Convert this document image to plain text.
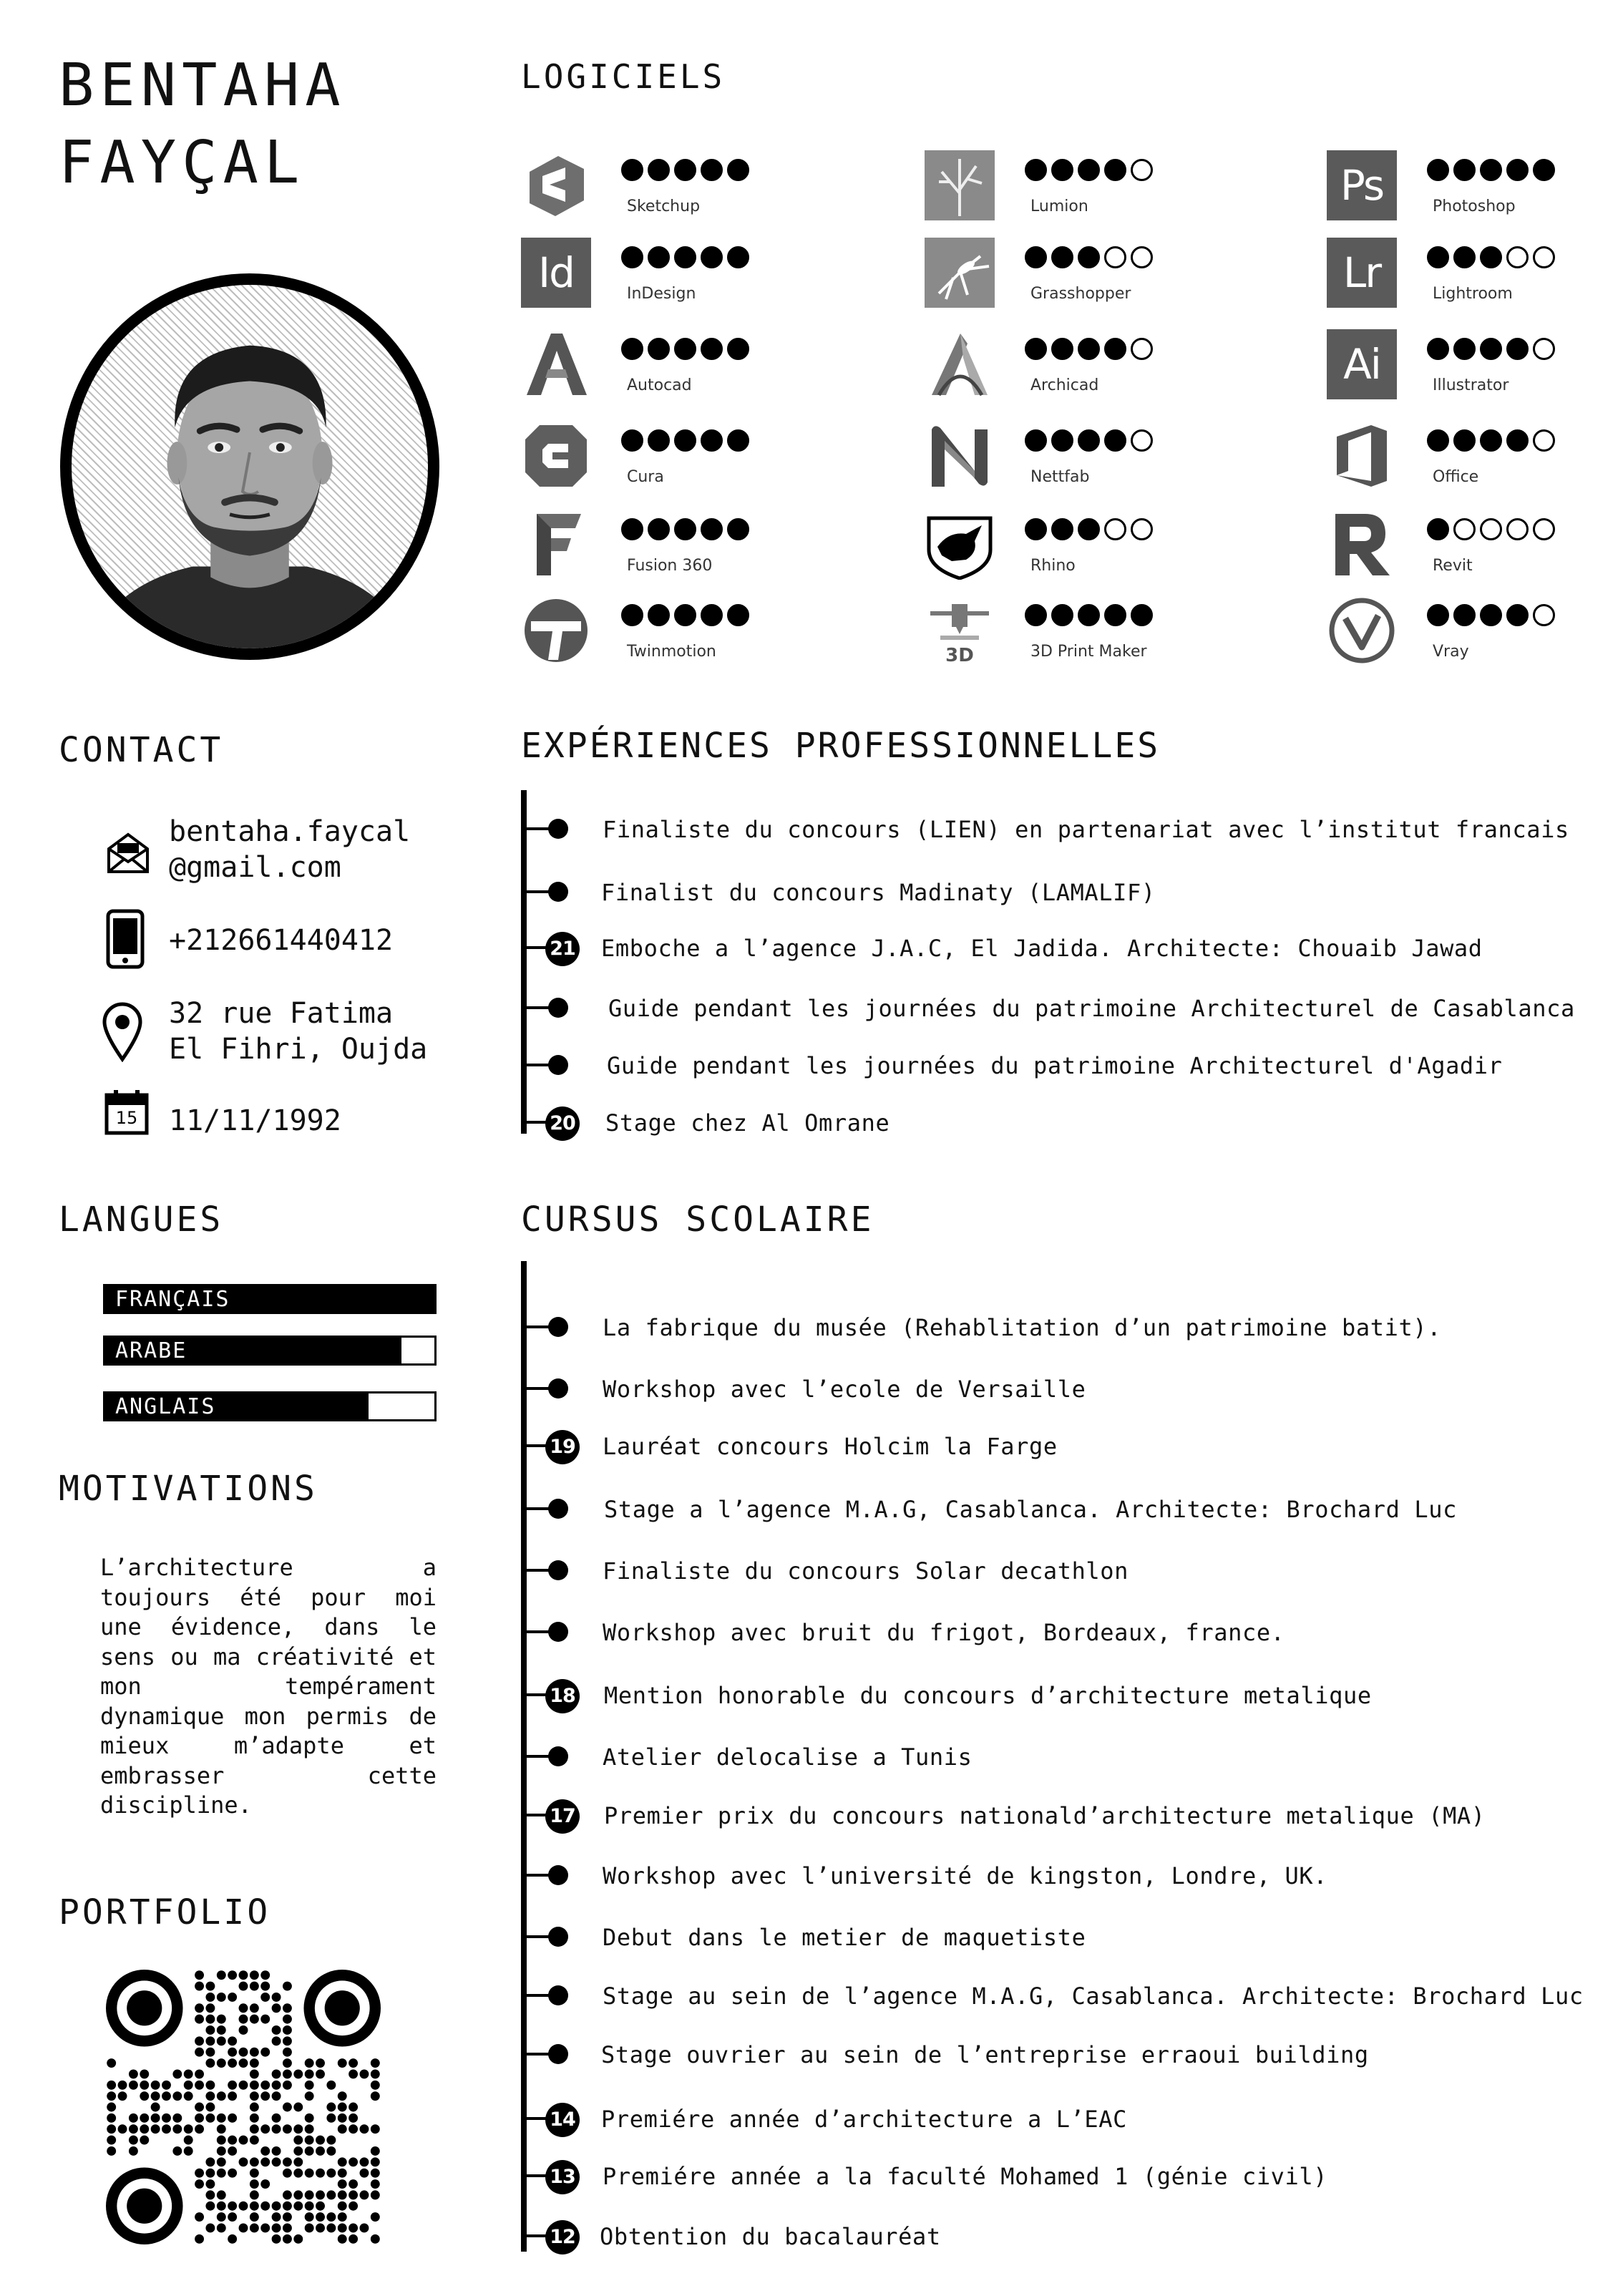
BENTAHA
FAYÇAL
LOGICIELS
CONTACT	EXPÉRIENCES PROFESSIONNELLES
LANGUES	CURSUS SCOLAIRE
MOTIVATIONS
PORTFOLIO
Sketchup	Lumion	Ps	Photoshop
Id	InDesign	Grasshopper	Lr	Lightroom
Autocad	Archicad	Ai	Illustrator
Cura	Nettfab	Office
Fusion 360	Rhino	Revit
Twinmotion	3D	3D Print Maker	Vray
bentaha.faycal
@gmail.com
+212661440412
32 rue Fatima
El Fihri, Oujda
15	11/11/1992
FRANÇAIS
ARABE
ANGLAIS
L’architecture a toujours été pour moi une évidence, dans le sens ou ma créativité et mon tempérament dynamique mon permis de mieux m’adapte et embrasser cette discipline.
Finaliste du concours (LIEN) en partenariat avec l’institut francais
Finalist du concours Madinaty (LAMALIF)
21 Emboche a l’agence J.A.C, El Jadida. Architecte: Chouaib Jawad
Guide pendant les journées du patrimoine Architecturel de Casablanca
Guide pendant les journées du patrimoine Architecturel d'Agadir
20 Stage chez Al Omrane
La fabrique du musée (Rehablitation d’un patrimoine batit).
Workshop avec l’ecole de Versaille
19 Lauréat concours Holcim la Farge
Stage a l’agence M.A.G, Casablanca. Architecte: Brochard Luc
Finaliste du concours Solar decathlon
Workshop avec bruit du frigot, Bordeaux, france.
18 Mention honorable du concours d’architecture metalique
Atelier delocalise a Tunis
17 Premier prix du concours nationald’architecture metalique (MA)
Workshop avec l’université de kingston, Londre, UK.
Debut dans le metier de maquetiste
Stage au sein de l’agence M.A.G, Casablanca. Architecte: Brochard Luc
Stage ouvrier au sein de l’entreprise erraoui building
14 Premiére année d’architecture a L’EAC
13 Premiére année a la faculté Mohamed 1 (génie civil)
12 Obtention du bacalauréat
